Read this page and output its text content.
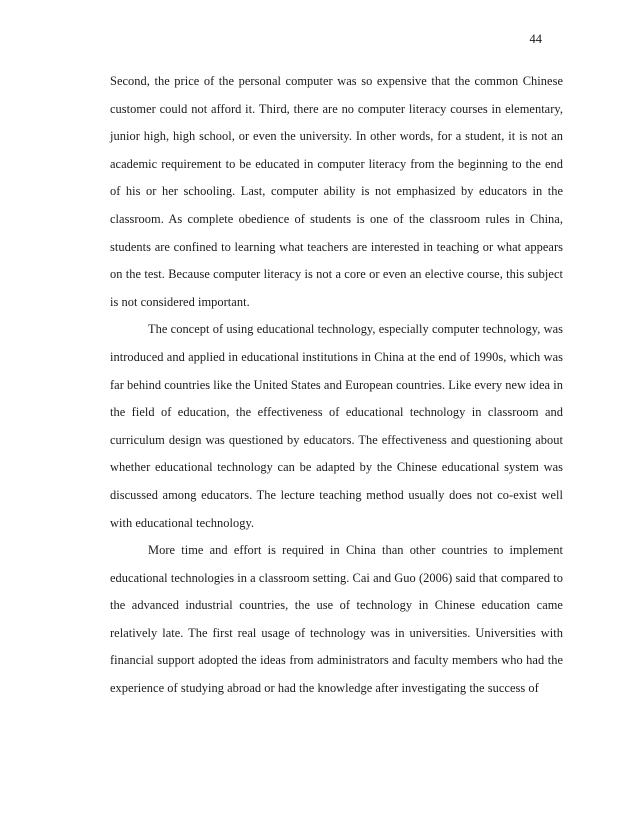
44

Second, the price of the personal computer was so expensive that the common Chinese customer could not afford it. Third, there are no computer literacy courses in elementary, junior high, high school, or even the university. In other words, for a student, it is not an academic requirement to be educated in computer literacy from the beginning to the end of his or her schooling. Last, computer ability is not emphasized by educators in the classroom. As complete obedience of students is one of the classroom rules in China, students are confined to learning what teachers are interested in teaching or what appears on the test. Because computer literacy is not a core or even an elective course, this subject is not considered important.

The concept of using educational technology, especially computer technology, was introduced and applied in educational institutions in China at the end of 1990s, which was far behind countries like the United States and European countries. Like every new idea in the field of education, the effectiveness of educational technology in classroom and curriculum design was questioned by educators. The effectiveness and questioning about whether educational technology can be adapted by the Chinese educational system was discussed among educators. The lecture teaching method usually does not co-exist well with educational technology.

More time and effort is required in China than other countries to implement educational technologies in a classroom setting. Cai and Guo (2006) said that compared to the advanced industrial countries, the use of technology in Chinese education came relatively late. The first real usage of technology was in universities. Universities with financial support adopted the ideas from administrators and faculty members who had the experience of studying abroad or had the knowledge after investigating the success of
